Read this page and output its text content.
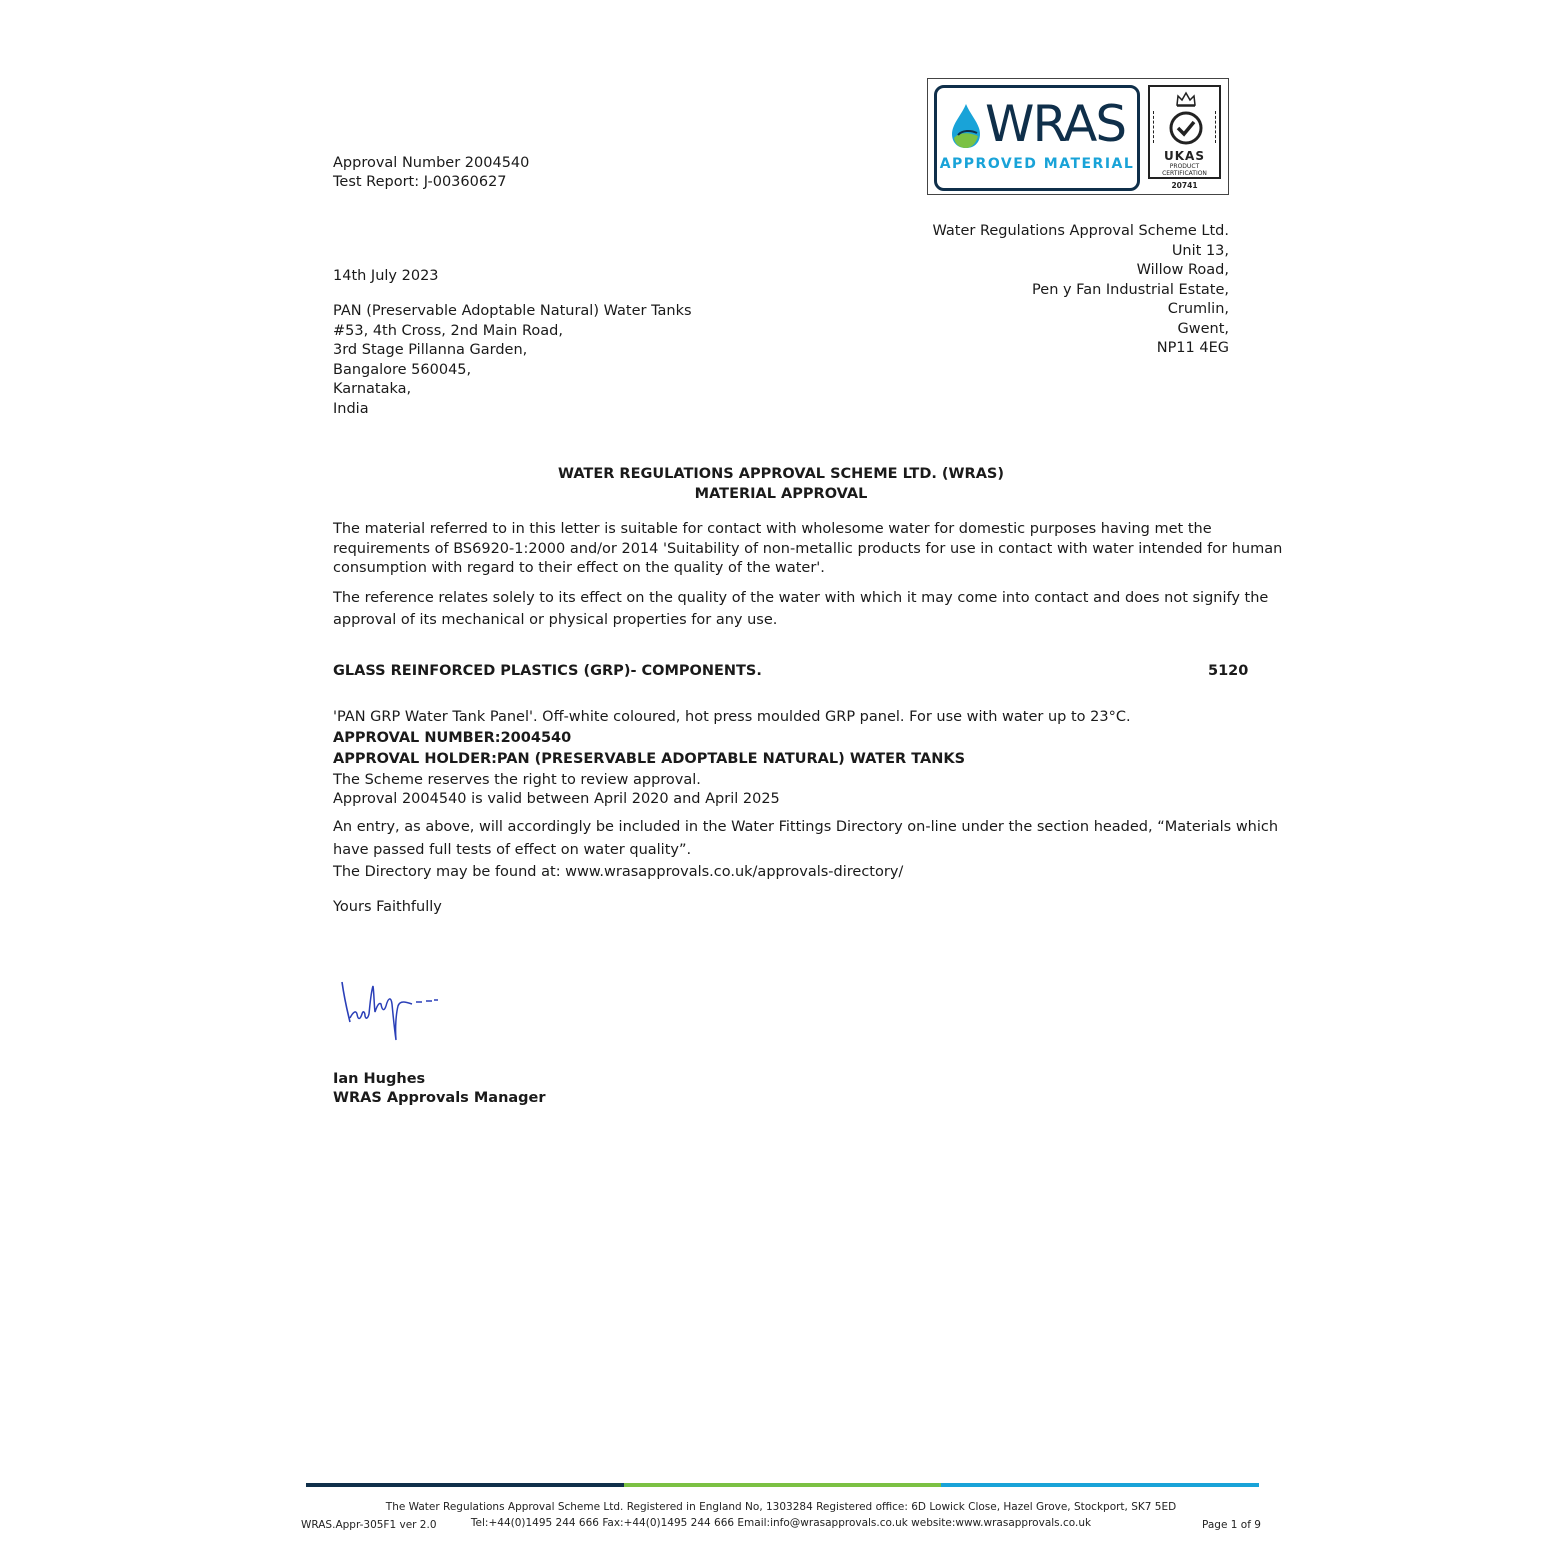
Approval Number 2004540
Test Report: J-00360627
WRAS
APPROVED MATERIAL	UKAS
PRODUCT
CERTIFICATION
20741
Water Regulations Approval Scheme Ltd.
Unit 13,
Willow Road,
Pen y Fan Industrial Estate,
Crumlin,
Gwent,
NP11 4EG
14th July 2023
PAN (Preservable Adoptable Natural) Water Tanks
#53, 4th Cross, 2nd Main Road,
3rd Stage Pillanna Garden,
Bangalore 560045,
Karnataka,
India
WATER REGULATIONS APPROVAL SCHEME LTD. (WRAS)
MATERIAL APPROVAL
The material referred to in this letter is suitable for contact with wholesome water for domestic purposes having met the
requirements of BS6920-1:2000 and/or 2014 'Suitability of non-metallic products for use in contact with water intended for human
consumption with regard to their effect on the quality of the water'.
The reference relates solely to its effect on the quality of the water with which it may come into contact and does not signify the
approval of its mechanical or physical properties for any use.
GLASS REINFORCED PLASTICS (GRP)- COMPONENTS.	5120
'PAN GRP Water Tank Panel'. Off-white coloured, hot press moulded GRP panel. For use with water up to 23°C.
APPROVAL NUMBER:2004540
APPROVAL HOLDER:PAN (PRESERVABLE ADOPTABLE NATURAL) WATER TANKS
The Scheme reserves the right to review approval.
Approval 2004540 is valid between April 2020 and April 2025
An entry, as above, will accordingly be included in the Water Fittings Directory on-line under the section headed, “Materials which
have passed full tests of effect on water quality”.
The Directory may be found at: www.wrasapprovals.co.uk/approvals-directory/
Yours Faithfully
Ian Hughes
WRAS Approvals Manager
The Water Regulations Approval Scheme Ltd. Registered in England No, 1303284 Registered office: 6D Lowick Close, Hazel Grove, Stockport, SK7 5ED
Tel:+44(0)1495 244 666 Fax:+44(0)1495 244 666 Email:info@wrasapprovals.co.uk website:www.wrasapprovals.co.uk
WRAS.Appr-305F1 ver 2.0	Page 1 of 9
